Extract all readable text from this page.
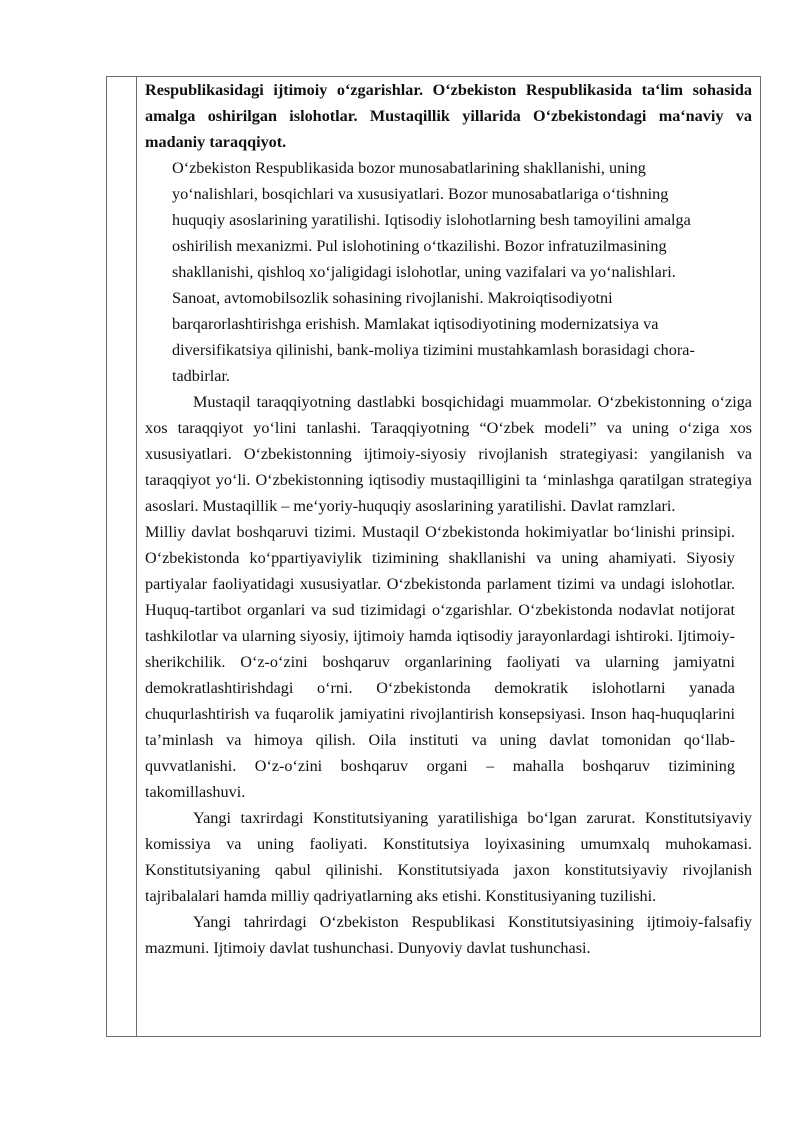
Respublikasidagi ijtimoiy o‘zgarishlar. O‘zbekiston Respublikasida ta‘lim sohasida amalga oshirilgan islohotlar. Mustaqillik yillarida O‘zbekistondagi ma‘naviy va madaniy taraqqiyot.

O‘zbekiston Respublikasida bozor munosabatlarining shakllanishi, uning yo‘nalishlari, bosqichlari va xususiyatlari. Bozor munosabatlariga o‘tishning huquqiy asoslarining yaratilishi. Iqtisodiy islohotlarning besh tamoyilini amalga oshirilish mexanizmi. Pul islohotining o‘tkazilishi. Bozor infratuzilmasining shakllanishi, qishloq xo‘jaligidagi islohotlar, uning vazifalari va yo‘nalishlari. Sanoat, avtomobilsozlik sohasining rivojlanishi. Makroiqtisodiyotni barqarorlashtirishga erishish. Mamlakat iqtisodiyotining modernizatsiya va diversifikatsiya qilinishi, bank-moliya tizimini mustahkamlash borasidagi chora- tadbirlar.

Mustaqil taraqqiyotning dastlabki bosqichidagi muammolar. O‘zbekistonning o‘ziga xos taraqqiyot yo‘lini tanlashi. Taraqqiyotning “O‘zbek modeli” va uning o‘ziga xos xususiyatlari. O‘zbekistonning ijtimoiy-siyosiy rivojlanish strategiyasi: yangilanish va taraqqiyot yo‘li. O‘zbekistonning iqtisodiy mustaqilligini ta ‘minlashga qaratilgan strategiya asoslari. Mustaqillik – me‘yoriy-huquqiy asoslarining yaratilishi. Davlat ramzlari.

Milliy davlat boshqaruvi tizimi. Mustaqil O‘zbekistonda hokimiyatlar bo‘linishi prinsipi. O‘zbekistonda ko‘ppartiyaviylik tizimining shakllanishi va uning ahamiyati. Siyosiy partiyalar faoliyatidagi xususiyatlar. O‘zbekistonda parlament tizimi va undagi islohotlar. Huquq-tartibot organlari va sud tizimidagi o‘zgarishlar. O‘zbekistonda nodavlat notijorat tashkilotlar va ularning siyosiy, ijtimoiy hamda iqtisodiy jarayonlardagi ishtiroki. Ijtimoiy-sherikchilik. O‘z-o‘zini boshqaruv organlarining faoliyati va ularning jamiyatni demokratlashtirishdagi o‘rni. O‘zbekistonda demokratik islohotlarni yanada chuqurlashtirish va fuqarolik jamiyatini rivojlantirish konsepsiyasi. Inson haq-huquqlarini ta’minlash va himoya qilish. Oila instituti va uning davlat tomonidan qo‘llab-quvvatlanishi. O‘z-o‘zini boshqaruv organi – mahalla boshqaruv tizimining takomillashuvi.

Yangi taxrirdagi Konstitutsiyaning yaratilishiga bo‘lgan zarurat. Konstitutsiyaviy komissiya va uning faoliyati. Konstitutsiya loyixasining umumxalq muhokamasi. Konstitutsiyaning qabul qilinishi. Konstitutsiyada jaxon konstitutsiyaviy rivojlanish tajribalalari hamda milliy qadriyatlarning aks etishi. Konstitusiyaning tuzilishi.

Yangi tahrirdagi O‘zbekiston Respublikasi Konstitutsiyasining ijtimoiy-falsafiy mazmuni. Ijtimoiy davlat tushunchasi. Dunyoviy davlat tushunchasi.
